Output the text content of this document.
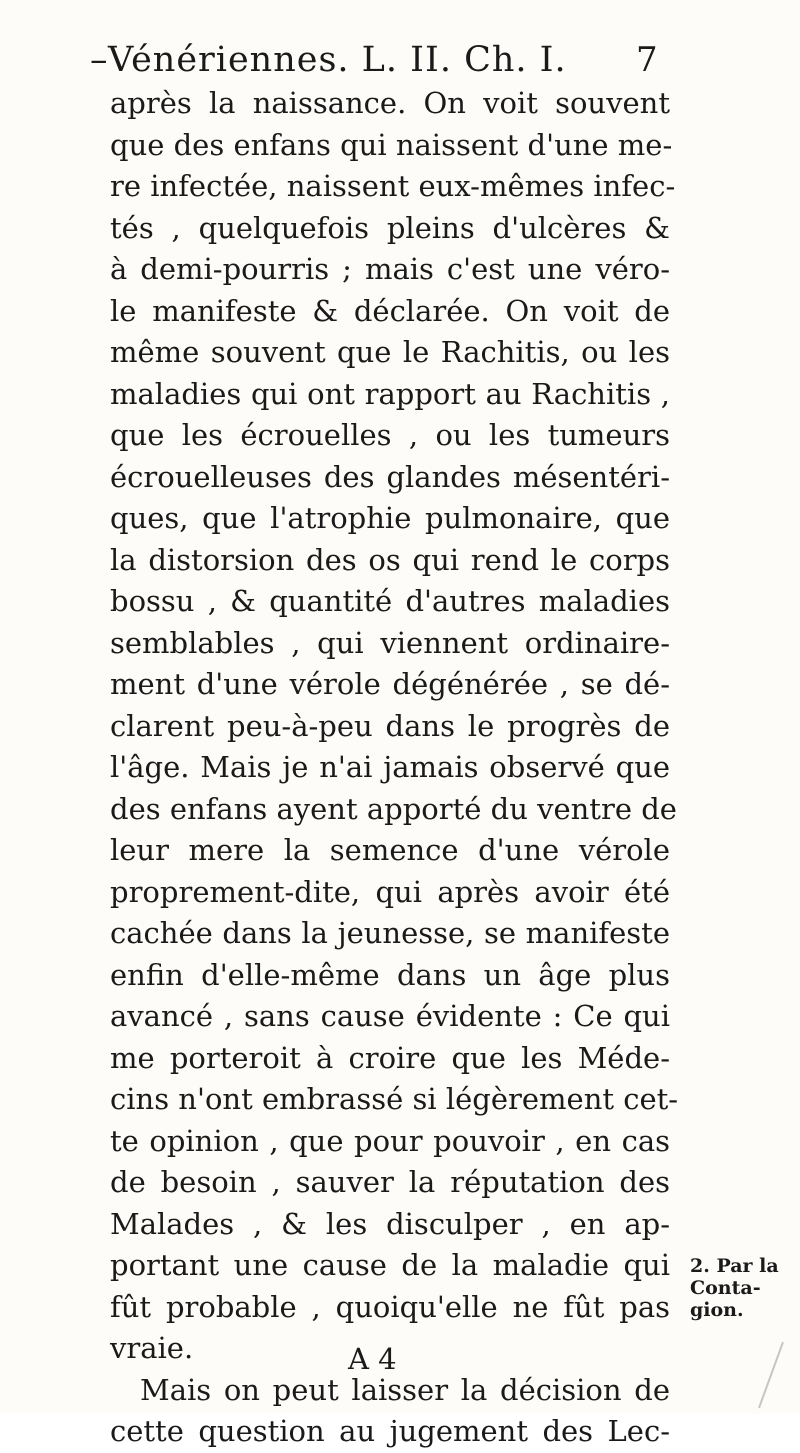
– Vénériennes. L. II. Ch. I. 7
après la naissance. On voit souvent
que des enfans qui naissent d'une me-
re infectée, naissent eux-mêmes infec-
tés , quelquefois pleins d'ulcères &
à demi-pourris ; mais c'est une véro-
le manifeste & déclarée. On voit de
même souvent que le Rachitis, ou les
maladies qui ont rapport au Rachitis ,
que les écrouelles , ou les tumeurs
écrouelleuses des glandes mésentéri-
ques, que l'atrophie pulmonaire, que
la distorsion des os qui rend le corps
bossu , & quantité d'autres maladies
semblables , qui viennent ordinaire-
ment d'une vérole dégénérée , se dé-
clarent peu-à-peu dans le progrès de
l'âge. Mais je n'ai jamais observé que
des enfans ayent apporté du ventre de
leur mere la semence d'une vérole
proprement-dite, qui après avoir été
cachée dans la jeunesse, se manifeste
enfin d'elle-même dans un âge plus
avancé , sans cause évidente : Ce qui
me porteroit à croire que les Méde-
cins n'ont embrassé si légèrement cet-
te opinion , que pour pouvoir , en cas
de besoin , sauver la réputation des
Malades , & les disculper , en ap-
portant une cause de la maladie qui
fût probable , quoiqu'elle ne fût pas
vraie.
Mais on peut laisser la décision de
cette question au jugement des Lec-
A 4
2. Par la
Conta-
gion.
